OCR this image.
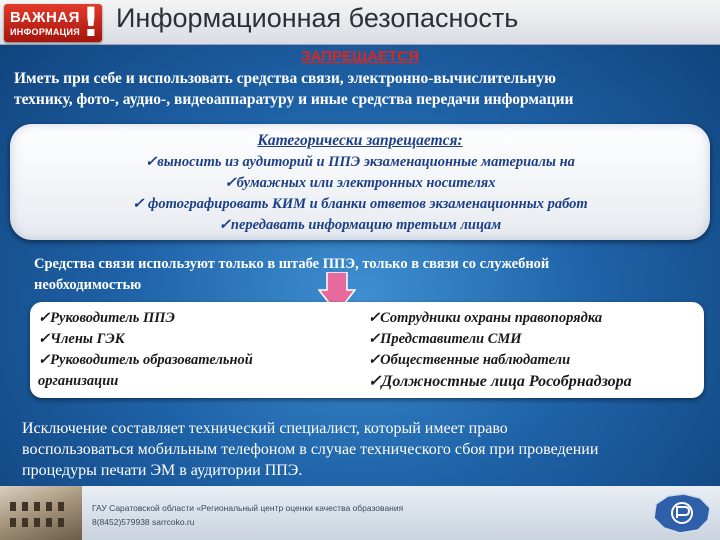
ВАЖНАЯ
ИНФОРМАЦИЯ ! Информационная безопасность
ЗАПРЕЩАЕТСЯ
Иметь при себе и использовать средства связи, электронно-вычислительную
технику, фото-, аудио-, видеоаппаратуру и иные средства передачи информации
Категорически запрещается:
✓выносить из аудиторий и ППЭ экзаменационные материалы на
✓бумажных или электронных носителях
✓ фотографировать КИМ и бланки ответов экзаменационных работ
✓передавать информацию третьим лицам
Средства связи используют только в штабе ППЭ, только в связи со служебной
необходимостью
✓Руководитель ППЭ
✓Члены ГЭК
✓Руководитель образовательной
организации
✓Сотрудники охраны правопорядка
✓Представители СМИ
✓Общественные наблюдатели
✓Должностные лица Рособрнадзора
Исключение составляет технический специалист, который имеет право
воспользоваться мобильным телефоном в случае технического сбоя при проведении
процедуры печати ЭМ в аудитории ППЭ.
ГАУ Саратовской области «Региональный центр оценки качества образования
8(8452)579938 sarrcoko.ru
